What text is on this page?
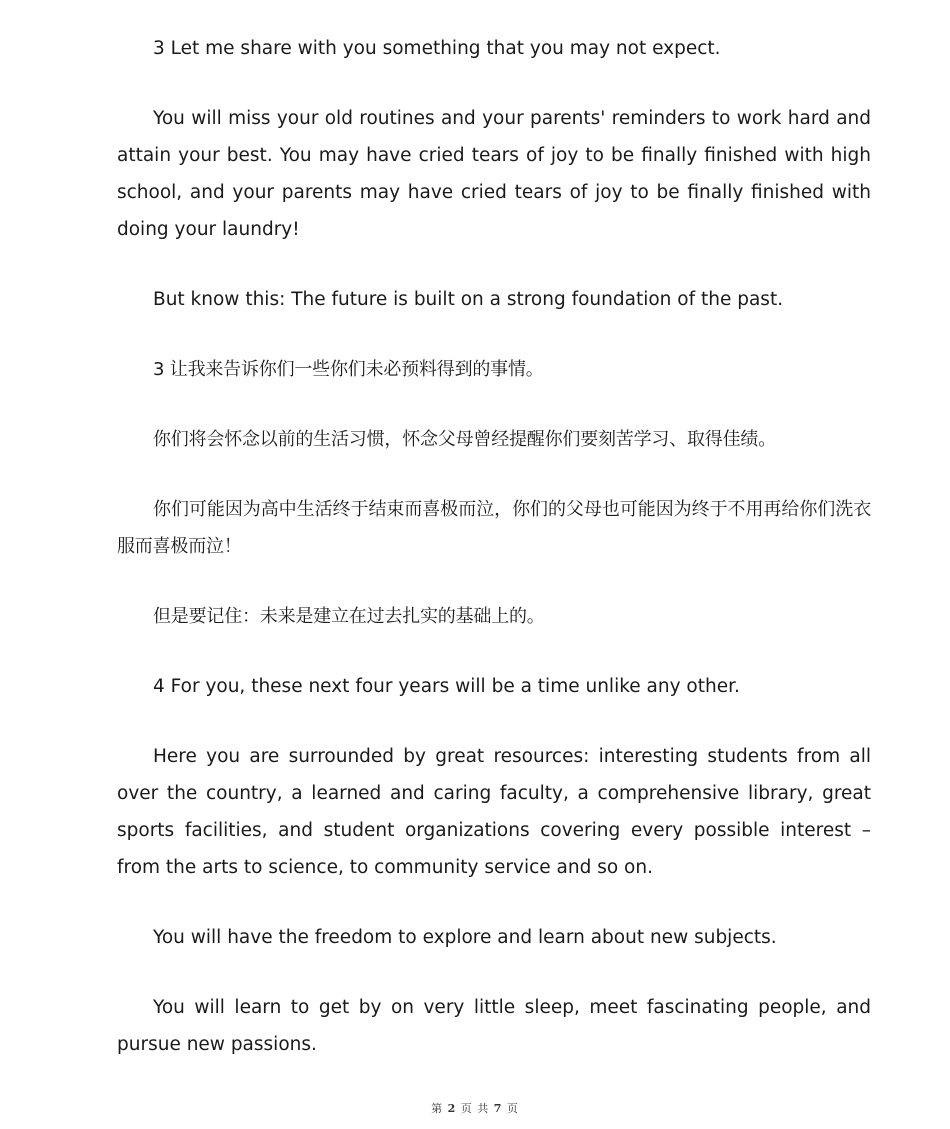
3 Let me share with you something that you may not expect.

You will miss your old routines and your parents' reminders to work hard and attain your best. You may have cried tears of joy to be finally finished with high school, and your parents may have cried tears of joy to be finally finished with doing your laundry!

But know this: The future is built on a strong foundation of the past.

3 让我来告诉你们一些你们未必预料得到的事情。

你们将会怀念以前的生活习惯，怀念父母曾经提醒你们要刻苦学习、取得佳绩。

你们可能因为高中生活终于结束而喜极而泣，你们的父母也可能因为终于不用再给你们洗衣服而喜极而泣！

但是要记住：未来是建立在过去扎实的基础上的。

4 For you, these next four years will be a time unlike any other.

Here you are surrounded by great resources: interesting students from all over the country, a learned and caring faculty, a comprehensive library, great sports facilities, and student organizations covering every possible interest – from the arts to science, to community service and so on.

You will have the freedom to explore and learn about new subjects.

You will learn to get by on very little sleep, meet fascinating people, and pursue new passions.

第 2 页 共 7 页
